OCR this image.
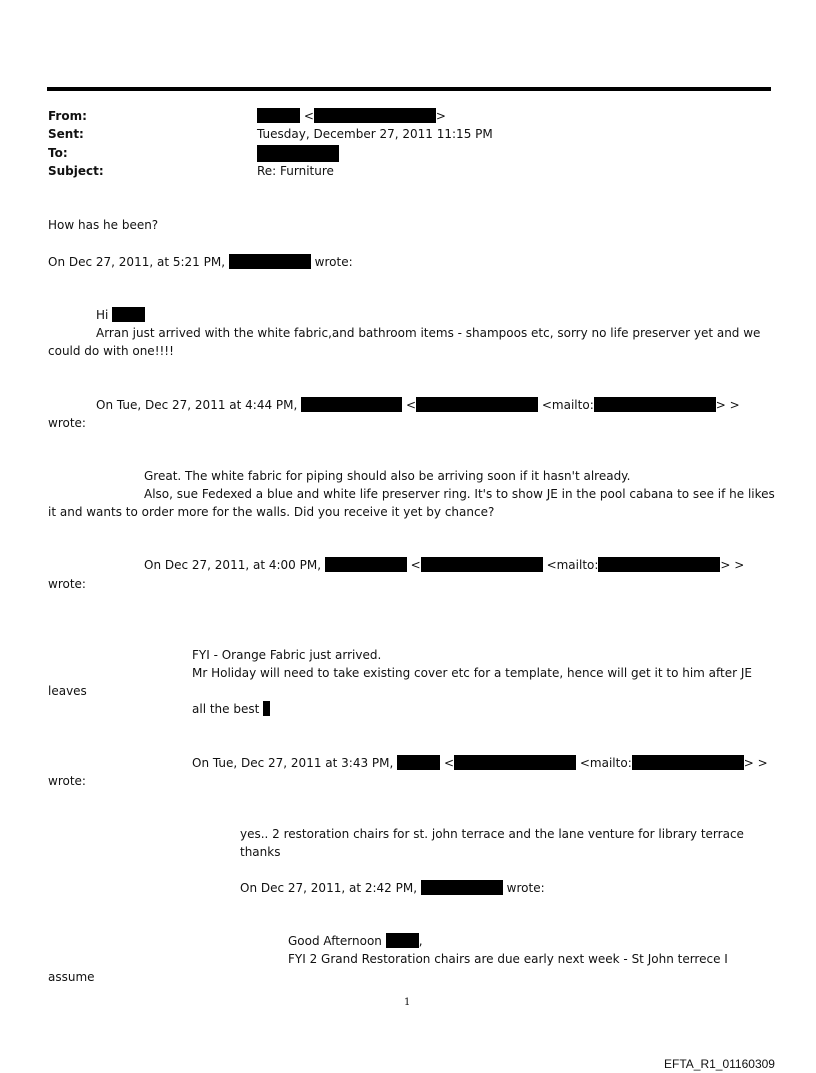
From:	<	>
Sent:	Tuesday, December 27, 2011 11:15 PM
To:
Subject:	Re: Furniture
How has he been?
On Dec 27, 2011, at 5:21 PM,	wrote:
Hi
Arran just arrived with the white fabric,and bathroom items - shampoos etc, sorry no life preserver yet and we
could do with one!!!!
On Tue, Dec 27, 2011 at 4:44 PM,	<	<mailto:	> >
wrote:
Great. The white fabric for piping should also be arriving soon if it hasn't already.
Also, sue Fedexed a blue and white life preserver ring. It's to show JE in the pool cabana to see if he likes
it and wants to order more for the walls. Did you receive it yet by chance?
On Dec 27, 2011, at 4:00 PM,	<	<mailto:	> >
wrote:
FYI - Orange Fabric just arrived.
Mr Holiday will need to take existing cover etc for a template, hence will get it to him after JE
leaves
all the best
On Tue, Dec 27, 2011 at 3:43 PM,	<	<mailto:	> >
wrote:
yes.. 2 restoration chairs for st. john terrace and the lane venture for library terrace
thanks
On Dec 27, 2011, at 2:42 PM,	wrote:
Good Afternoon	,
FYI 2 Grand Restoration chairs are due early next week - St John terrece I
assume
1
EFTA_R1_01160309
